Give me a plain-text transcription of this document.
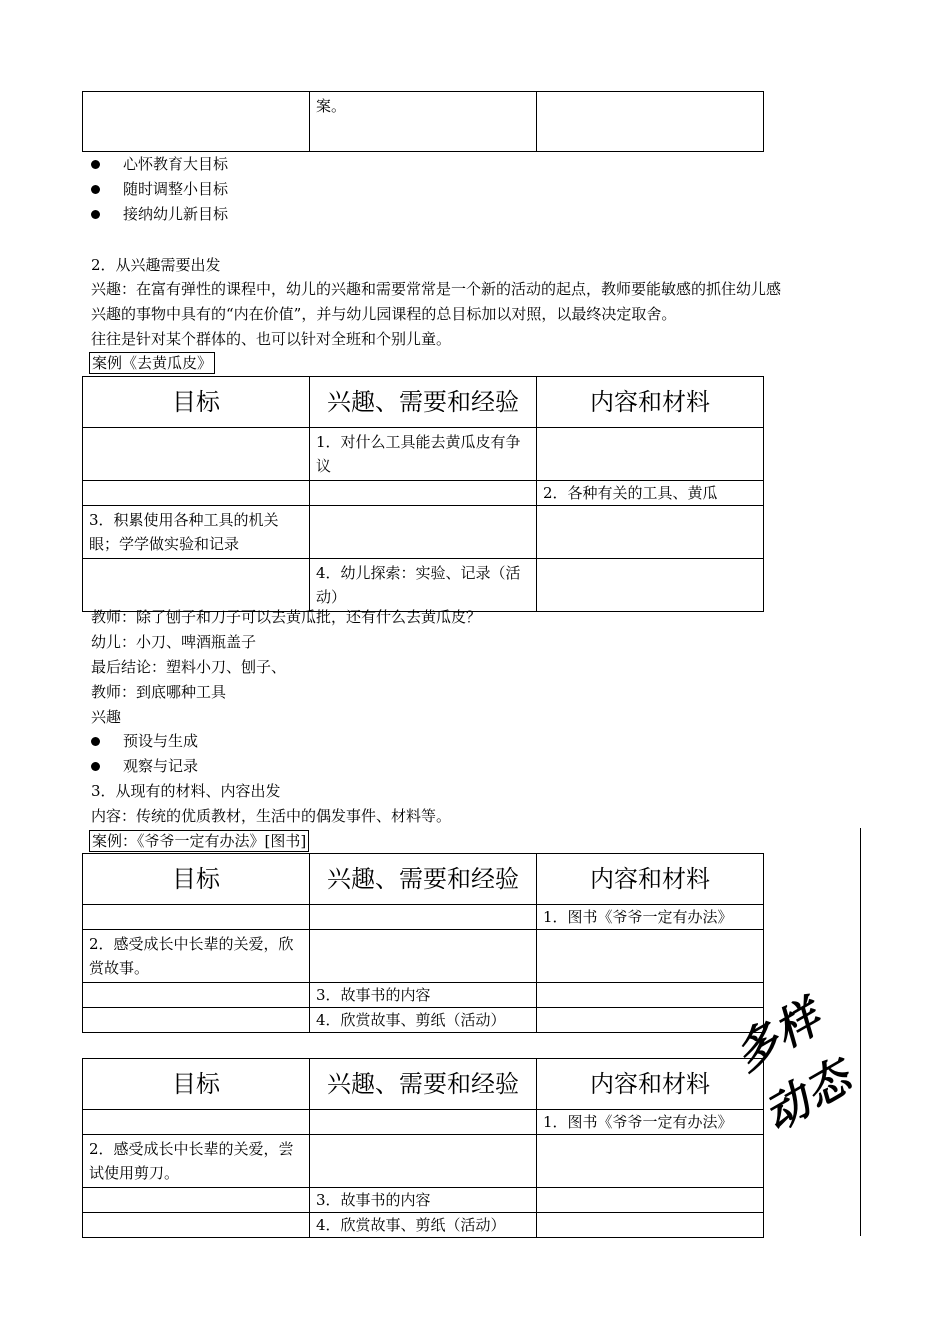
	案。	
心怀教育大目标
随时调整小目标
接纳幼儿新目标
2．从兴趣需要出发
兴趣：在富有弹性的课程中，幼儿的兴趣和需要常常是一个新的活动的起点，教师要能敏感的抓住幼儿感
兴趣的事物中具有的“内在价值”，并与幼儿园课程的总目标加以对照，以最终决定取舍。
往往是针对某个群体的、也可以针对全班和个别儿童。
案例《去黄瓜皮》
目标	兴趣、需要和经验	内容和材料
	1．对什么工具能去黄瓜皮有争议	
		2．各种有关的工具、黄瓜
3．积累使用各种工具的机关眼；学学做实验和记录		
	4．幼儿探索：实验、记录（活动）	
教师：除了刨子和刀子可以去黄瓜批，还有什么去黄瓜皮？
幼儿：小刀、啤酒瓶盖子
最后结论：塑料小刀、刨子、
教师：到底哪种工具
兴趣
预设与生成
观察与记录
3．从现有的材料、内容出发
内容：传统的优质教材，生活中的偶发事件、材料等。
案例：《爷爷一定有办法》[图书]
目标	兴趣、需要和经验	内容和材料
		1．图书《爷爷一定有办法》
2．感受成长中长辈的关爱，欣赏故事。		
	3．故事书的内容	
	4．欣赏故事、剪纸（活动）	
目标	兴趣、需要和经验	内容和材料
		1．图书《爷爷一定有办法》
2．感受成长中长辈的关爱，尝试使用剪刀。		
	3．故事书的内容	
	4．欣赏故事、剪纸（活动）	
多样
动态
